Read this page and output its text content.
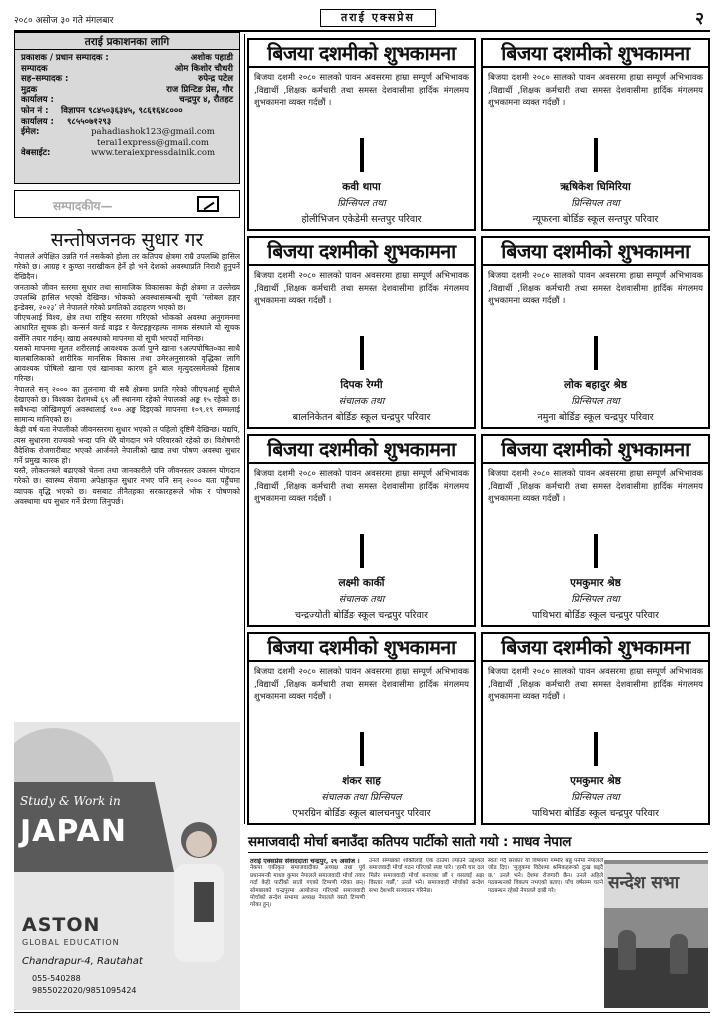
२०८० असोज ३० गते मंगलबार	तराई एक्सप्रेस	२
तराई प्रकाशनका लागि
प्रकाशक / प्रधान सम्पादक :	अशोक पहाडी
सम्पादक	ओम किशोर चौधरी
सह–सम्पादक :	रुपेन्द्र पटेल
मुद्रक	राज प्रिन्टिङ प्रेस, गौर
कार्यालय :	चन्द्रपुर ४, रौतहट
फोन नं :	विज्ञापन ९८४५०३६३४५, ९८६१६४८०००
कार्यालय :	९८५५०७१२९३
ईमेल:	pahadiashok123@gmail.com
terai1express@gmail.com
वेबसाईट:	www.teraiexpressdainik.com
सम्पादकीय—
सन्तोषजनक सुधार गर

नेपालले अपेक्षित उन्नति गर्न नसकेको होला तर कतिपय क्षेत्रमा राम्रै उपलब्धि हासिल गरेको छ। आग्रह र कुण्ठा नराखीकन हेर्ने हो भने देशको अवस्थाप्रति निराशै हुनुपर्ने देखिदैन।

जनताको जीवन स्तरमा सुधार तथा सामाजिक विकासका केही क्षेत्रमा त उल्लेख्य उपलब्धि हासिल भएको देखिन्छ। भोकको अवस्थासम्बन्धी सूची ‘ग्लोबल हङ्गर इन्डेक्स, २०२३’ ले नेपालले गरेको प्रगतिको उदाहरण भएको छ।

जीएचआई विश्व, क्षेत्र तथा राष्ट्रिय स्तरमा गरिएको भोकको अवस्था अनुगमनमा आधारित सूचक हो। कन्सर्न वर्ल्ड वाइड र वेल्टहङ्गरहल्फ नामक संस्थाले यो सूचक वर्सेनि तयार गर्छन्। खाद्य अवस्थाको मापनमा यो सूची भरपर्दो मानिन्छ।

यसको मापनमा मूलत शरीरलाई आवश्यक ऊर्जा पुग्ने खाना ९अल्पपोषित०का साथै बालबालिकाको शारीरिक मानसिक विकास तथा उमेरअनुसारको वृद्धिका लागि आवश्यक पोषिलो खाना एवं खानाका कारण हुने बाल मृत्युदरसमेतको हिसाब गरिन्छ।

नेपालले सन् २००० का तुलनामा यी सबै क्षेत्रमा प्रगति गरेको जीएचआई सूचीले देखाएको छ। विश्वका देशमध्ये ६९ औं स्थानमा रहेको नेपालको अङ्क १५ रहेको छ। सबैभन्दा जोखिमपूर्ण अवस्थालाई १०० अङ्क दिइएको मापनमा १०९.१९ सम्मलाई सामान्य मानिएको छ।

केही वर्ष यता नेपालीको जीवनस्तरमा सुधार भएको त पहिलो दृष्टिमै देखिन्छ। यद्यपि, त्यस सुधारमा राज्यको भन्दा पनि धेरै योगदान भने परिवारको रहेको छ। विशेषगरी वैदेशिक रोजगारीबाट भएको आर्जनले नेपालीको खाद्य तथा पोषण अवस्था सुधार गर्ने प्रमुख कारक हो।

यस्तै, लोकतन्त्रले बढाएको चेतना तथा जानकारीले पनि जीवनस्तर उकास्न योगदान गरेको छ। स्वास्थ्य सेवामा अपेक्षाकृत सुधार नभए पनि सन् २००० यता पहुँचमा व्यापक वृद्धि भएको छ। यसबाट तीनैतहका सरकारहरूले भोक र पोषणको अवस्थामा थप सुधार गर्ने प्रेरणा लिनुपर्छ।

Study & Work in
JAPAN
ASTON
GLOBAL EDUCATION
Chandrapur-4, Rautahat
055-540288
9855022020/9851095424
बिजया दशमीको शुभकामना
बिजया दशमी २०८० सालको पावन अवसरमा हाम्रा सम्पूर्ण अभिभावक ,विद्यार्थी ,शिक्षक कर्मचारी तथा समस्त देशवासीमा हार्दिक मंगलमय शुभकामना व्यक्त गर्दछौं ।
कवी थापा
प्रिन्सिपल तथा
होलीभिजन एकेडेमी सन्तपुर परिवार
बिजया दशमीको शुभकामना
बिजया दशमी २०८० सालको पावन अवसरमा हाम्रा सम्पूर्ण अभिभावक ,विद्यार्थी ,शिक्षक कर्मचारी तथा समस्त देशवासीमा हार्दिक मंगलमय शुभकामना व्यक्त गर्दछौं ।
ऋषिकेश घिमिरिया
प्रिन्सिपल तथा
न्यूफरना बोर्डिङ स्कूल सन्तपुर परिवार
बिजया दशमीको शुभकामना
बिजया दशमी २०८० सालको पावन अवसरमा हाम्रा सम्पूर्ण अभिभावक ,विद्यार्थी ,शिक्षक कर्मचारी तथा समस्त देशवासीमा हार्दिक मंगलमय शुभकामना व्यक्त गर्दछौं ।
दिपक रेग्मी
संचालक तथा
बालनिकेतन बोर्डिङ स्कूल चन्द्रपुर परिवार
बिजया दशमीको शुभकामना
बिजया दशमी २०८० सालको पावन अवसरमा हाम्रा सम्पूर्ण अभिभावक ,विद्यार्थी ,शिक्षक कर्मचारी तथा समस्त देशवासीमा हार्दिक मंगलमय शुभकामना व्यक्त गर्दछौं ।
लोक बहादुर श्रेष्ठ
प्रिन्सिपल तथा
नमुना बोर्डिङ स्कूल चन्द्रपुर परिवार
बिजया दशमीको शुभकामना
बिजया दशमी २०८० सालको पावन अवसरमा हाम्रा सम्पूर्ण अभिभावक ,विद्यार्थी ,शिक्षक कर्मचारी तथा समस्त देशवासीमा हार्दिक मंगलमय शुभकामना व्यक्त गर्दछौं ।
लक्ष्मी कार्की
संचालक तथा
चन्द्रज्योती बोर्डिङ स्कूल चन्द्रपुर परिवार
बिजया दशमीको शुभकामना
बिजया दशमी २०८० सालको पावन अवसरमा हाम्रा सम्पूर्ण अभिभावक ,विद्यार्थी ,शिक्षक कर्मचारी तथा समस्त देशवासीमा हार्दिक मंगलमय शुभकामना व्यक्त गर्दछौं ।
एमकुमार श्रेष्ठ
प्रिन्सिपल तथा
पाथिभरा बोर्डिङ स्कूल चन्द्रपुर परिवार
बिजया दशमीको शुभकामना
बिजया दशमी २०८० सालको पावन अवसरमा हाम्रा सम्पूर्ण अभिभावक ,विद्यार्थी ,शिक्षक कर्मचारी तथा समस्त देशवासीमा हार्दिक मंगलमय शुभकामना व्यक्त गर्दछौं ।
शंकर साह
संचालक तथा प्रिन्सिपल
एभरग्रिन बोर्डिङ स्कूल बालचनपुर परिवार
बिजया दशमीको शुभकामना
बिजया दशमी २०८० सालको पावन अवसरमा हाम्रा सम्पूर्ण अभिभावक ,विद्यार्थी ,शिक्षक कर्मचारी तथा समस्त देशवासीमा हार्दिक मंगलमय शुभकामना व्यक्त गर्दछौं ।
एमकुमार श्रेष्ठ
प्रिन्सिपल तथा
पाथिभरा बोर्डिङ स्कूल चन्द्रपुर परिवार
समाजवादी मोर्चा बनाउँदा कतिपय पार्टीको सातो गयो : माधव नेपाल
तराई एक्सप्रेस संवाददाता चन्द्रपुर, २९ असोज ।
नेकपा एकीकृत समाजवादीका अध्यक्ष तथा पूर्व प्रधानमन्त्री माधव कुमार नेपालले समाजवादी मोर्चा तयार गर्दा केही पार्टीको सातो गएको टिप्पणी गरेका छन्। सोमबारको चन्द्रपुरमा आयोजना गरिएको समाजवादी मोर्चाको सन्देश सभामा अध्यक्ष नेपालले यस्तो टिप्पणी गरेका हुन्।
उनले सम्पन्नको शक्तिलाई एक ठाउँमा ल्याउने उद्देश्यले समाजवादी मोर्चा गठन गरिएको स्पष्ट पारे। ‘हामी चार दल मिलेर समाजवादी मोर्चा बनाएका छौं र यसलाई अझ विस्तार गर्छौं,’ उनले भने। समाजवादी मोर्चाको सन्देश सभा देशभरि सञ्चालन गरिनेछ।
स्वतः गर्दै सरकार यो विषयमा गम्भीर बन्नु पर्नेमा नेपालले जोड दिए। ‘मुलुकमा विदेशमा श्रमिकहरूको दुःख बढ्दै छ,’ उनले भने। देशमा रोजगारी छैन। उनले अहिले गठबन्धनको विकल्प नभएको बताए। पाँच वर्षसम्म चल्ने गठबन्धन रहेको नेपालले दाबी गरे।	सन्देश सभा
